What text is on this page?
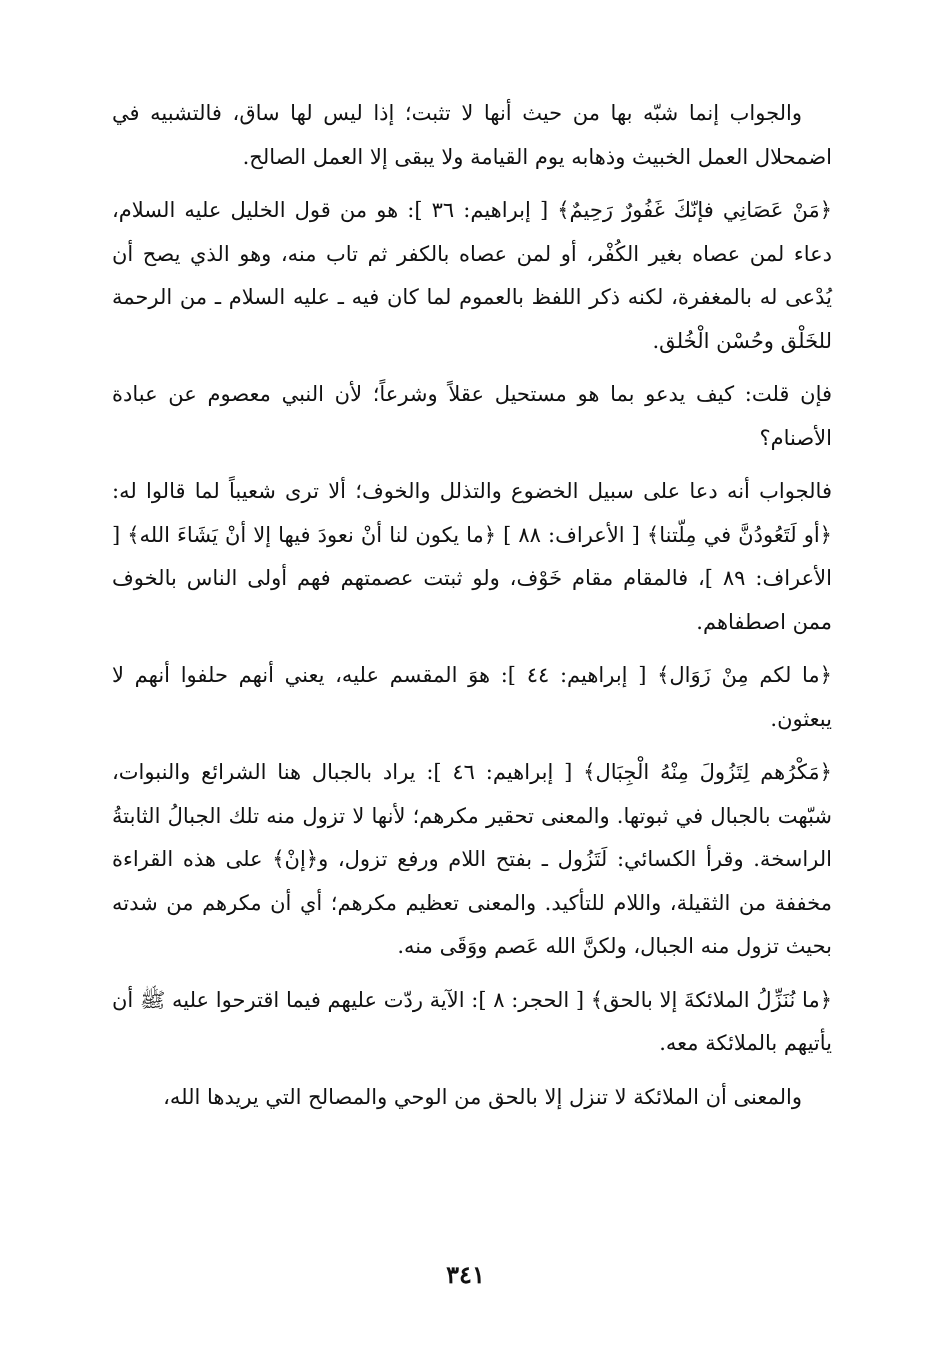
والجواب إنما شبّه بها من حيث أنها لا تثبت؛ إذا ليس لها ساق، فالتشبيه في اضمحلال العمل الخبيث وذهابه يوم القيامة ولا يبقى إلا العمل الصالح.

﴿مَنْ عَصَانِي فإنّكَ غَفُورٌ رَحِيمٌ﴾ [ إبراهيم: ٣٦ ]: هو من قول الخليل عليه السلام، دعاء لمن عصاه بغير الكُفْر، أو لمن عصاه بالكفر ثم تاب منه، وهو الذي يصح أن يُدْعى له بالمغفرة، لكنه ذكر اللفظ بالعموم لما كان فيه ـ عليه السلام ـ من الرحمة للخَلْق وحُسْن الْخُلق.

فإن قلت: كيف يدعو بما هو مستحيل عقلاً وشرعاً؛ لأن النبي معصوم عن عبادة الأصنام؟

فالجواب أنه دعا على سبيل الخضوع والتذلل والخوف؛ ألا ترى شعيباً لما قالوا له: ﴿أو لَتَعُودُنَّ في مِلّتنا﴾ [ الأعراف: ٨٨ ] ﴿ما يكون لنا أنْ نعودَ فيها إلا أنْ يَشَاءَ الله﴾ [ الأعراف: ٨٩ ]، فالمقام مقام خَوْف، ولو ثبتت عصمتهم فهم أولى الناس بالخوف ممن اصطفاهم.

﴿ما لكم مِنْ زَوَال﴾ [ إبراهيم: ٤٤ ]: هوَ المقسم عليه، يعني أنهم حلفوا أنهم لا يبعثون.

﴿مَكْرُهم لِتَزُولَ مِنْهُ الْجِبَال﴾ [ إبراهيم: ٤٦ ]: يراد بالجبال هنا الشرائع والنبوات، شبّهت بالجبال في ثبوتها. والمعنى تحقير مكرهم؛ لأنها لا تزول منه تلك الجبالُ الثابتةُ الراسخة. وقرأ الكسائي: لَتَزُول ـ بفتح اللام ورفع تزول، و﴿إنْ﴾ على هذه القراءة مخففة من الثقيلة، واللام للتأكيد. والمعنى تعظيم مكرهم؛ أي أن مكرهم من شدته بحيث تزول منه الجبال، ولكنَّ الله عَصم ووَقَى منه.

﴿ما نُنَزِّلُ الملائكةَ إلا بالحق﴾ [ الحجر: ٨ ]: الآية ردّت عليهم فيما اقترحوا عليه ﷺ أن يأتيهم بالملائكة معه.

والمعنى أن الملائكة لا تنزل إلا بالحق من الوحي والمصالح التي يريدها الله،

٣٤١
